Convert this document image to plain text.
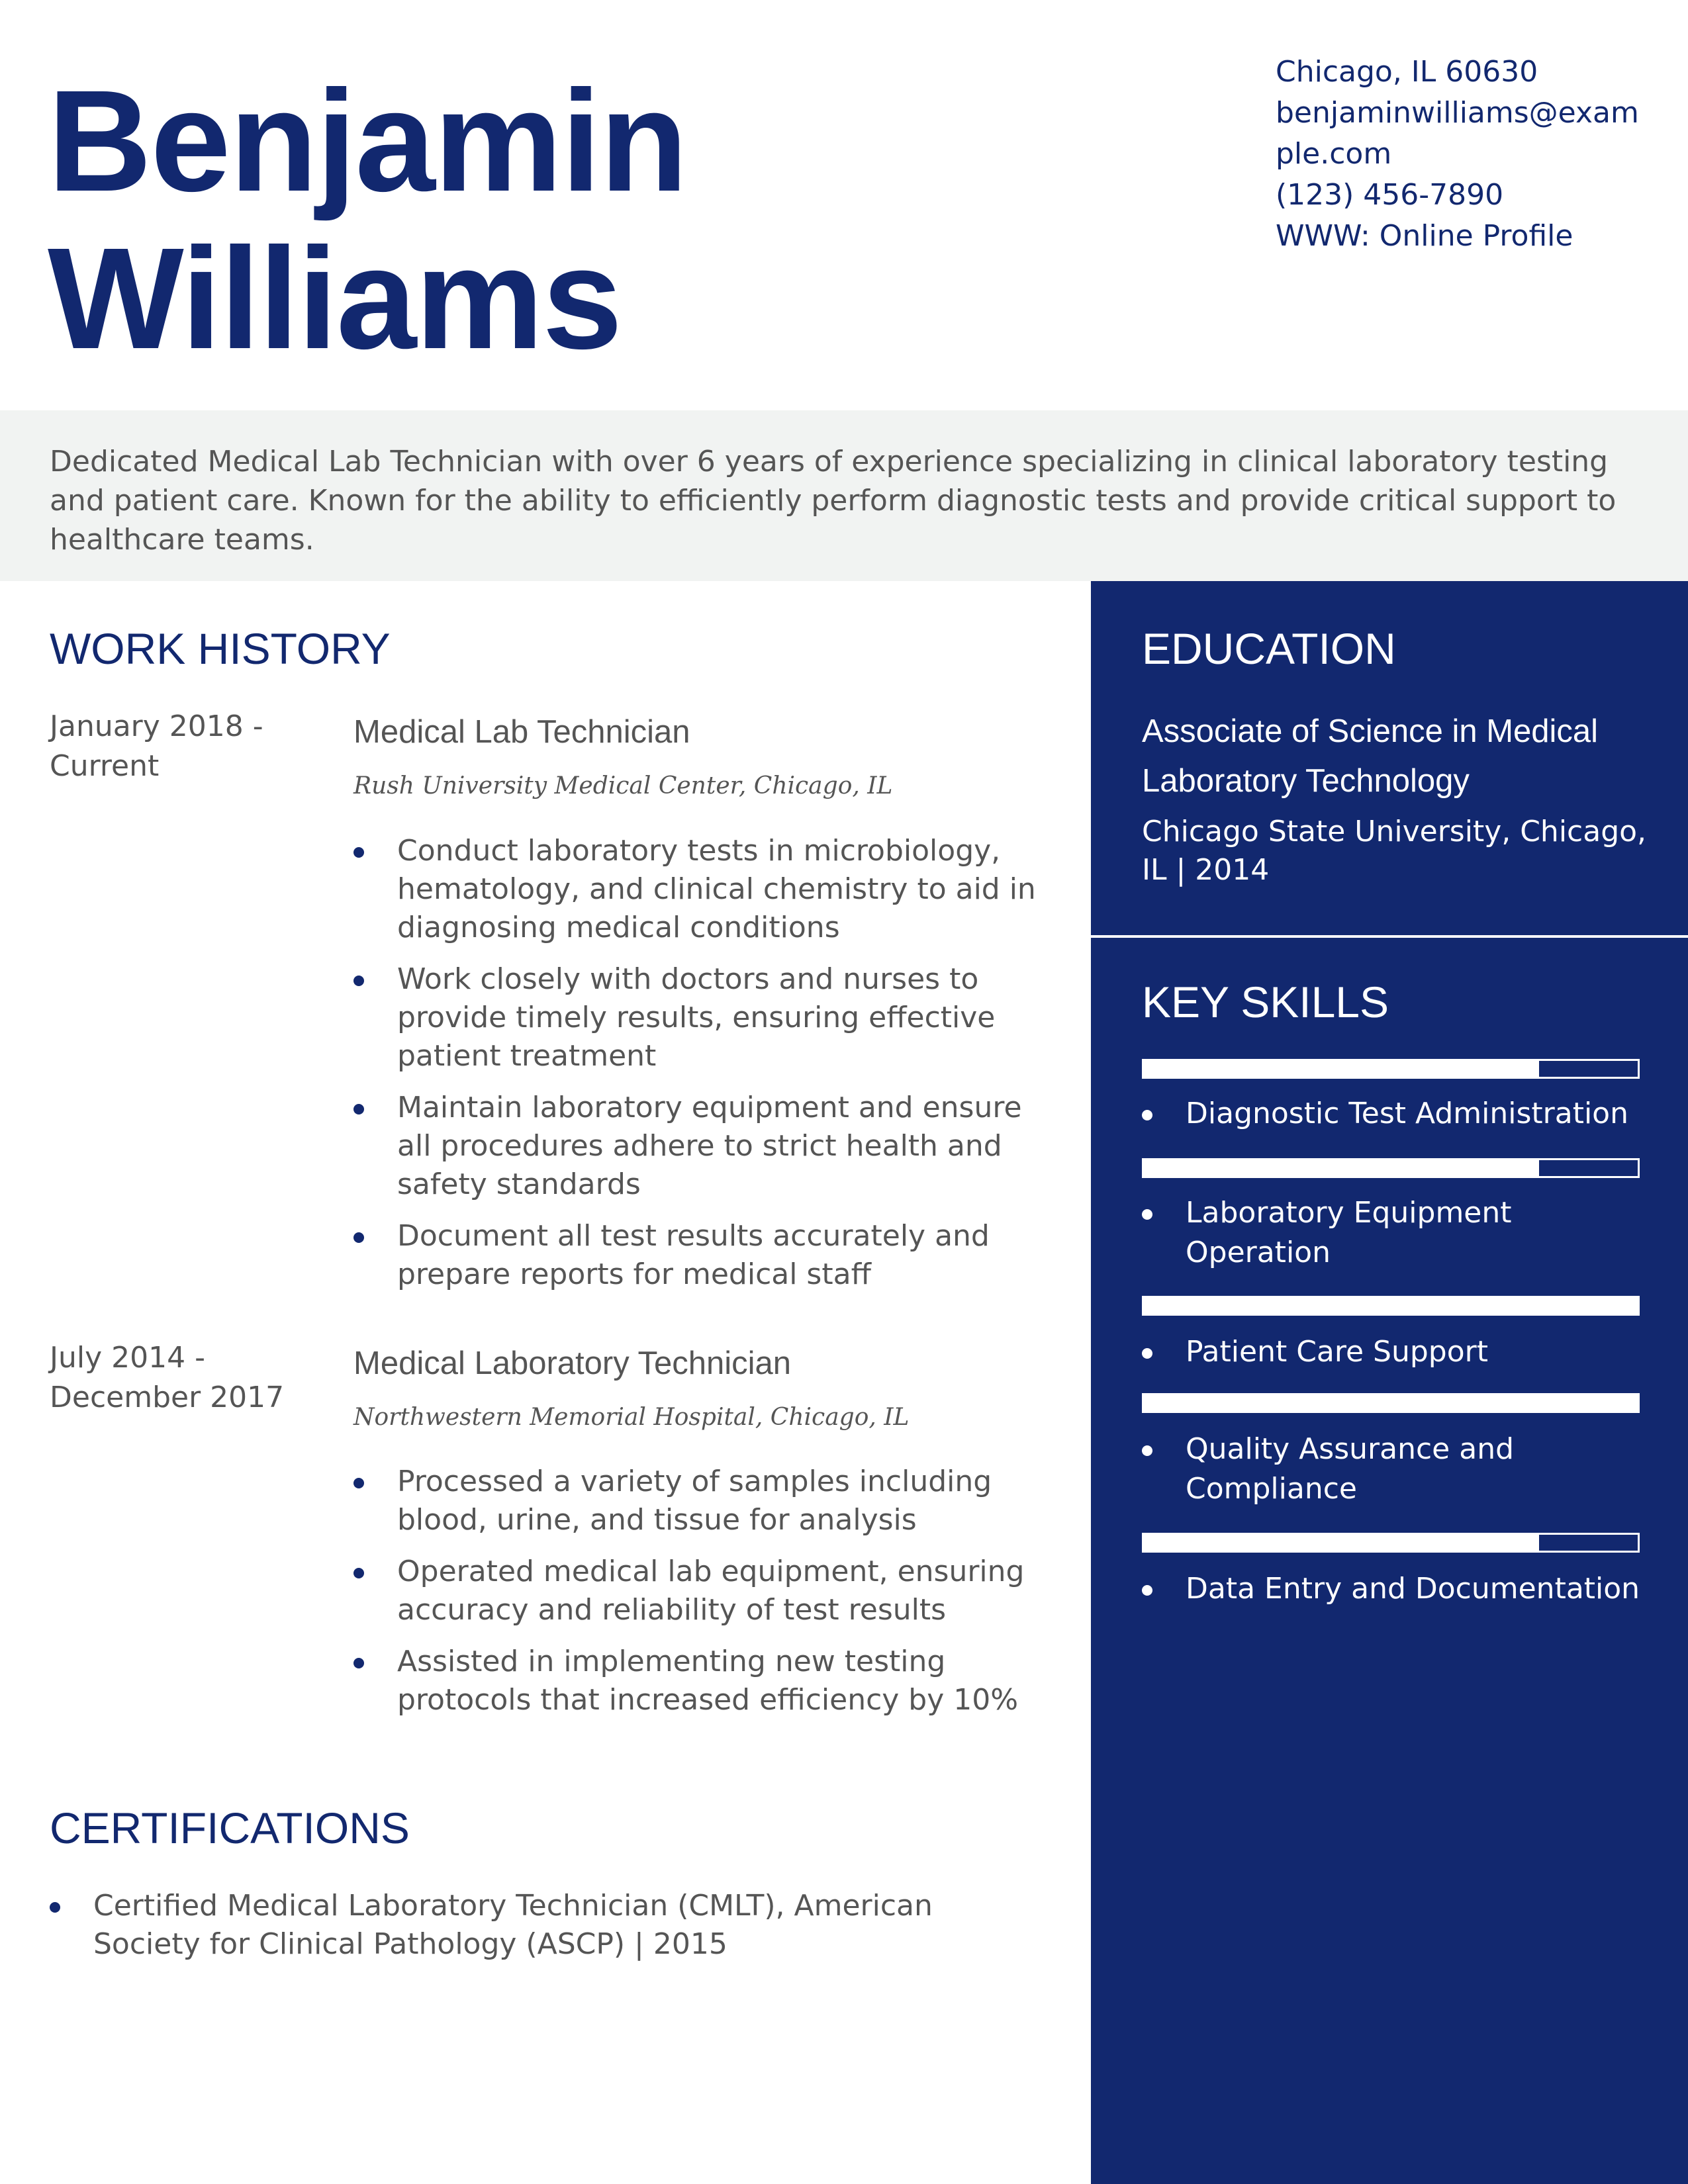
Benjamin
Williams
Chicago, IL 60630
benjaminwilliams@example.com
(123) 456-7890
WWW: Online Profile
Dedicated Medical Lab Technician with over 6 years of experience specializing in clinical laboratory testing and patient care. Known for the ability to efficiently perform diagnostic tests and provide critical support to healthcare teams.
WORK HISTORY
January 2018 - Current
Medical Lab Technician
Rush University Medical Center, Chicago, IL
Conduct laboratory tests in microbiology, hematology, and clinical chemistry to aid in diagnosing medical conditions
Work closely with doctors and nurses to provide timely results, ensuring effective patient treatment
Maintain laboratory equipment and ensure all procedures adhere to strict health and safety standards
Document all test results accurately and prepare reports for medical staff
July 2014 - December 2017
Medical Laboratory Technician
Northwestern Memorial Hospital, Chicago, IL
Processed a variety of samples including blood, urine, and tissue for analysis
Operated medical lab equipment, ensuring accuracy and reliability of test results
Assisted in implementing new testing protocols that increased efficiency by 10%
CERTIFICATIONS
Certified Medical Laboratory Technician (CMLT), American Society for Clinical Pathology (ASCP) | 2015
EDUCATION
Associate of Science in Medical Laboratory Technology
Chicago State University, Chicago, IL | 2014
KEY SKILLS
Diagnostic Test Administration
Laboratory Equipment Operation
Patient Care Support
Quality Assurance and Compliance
Data Entry and Documentation
